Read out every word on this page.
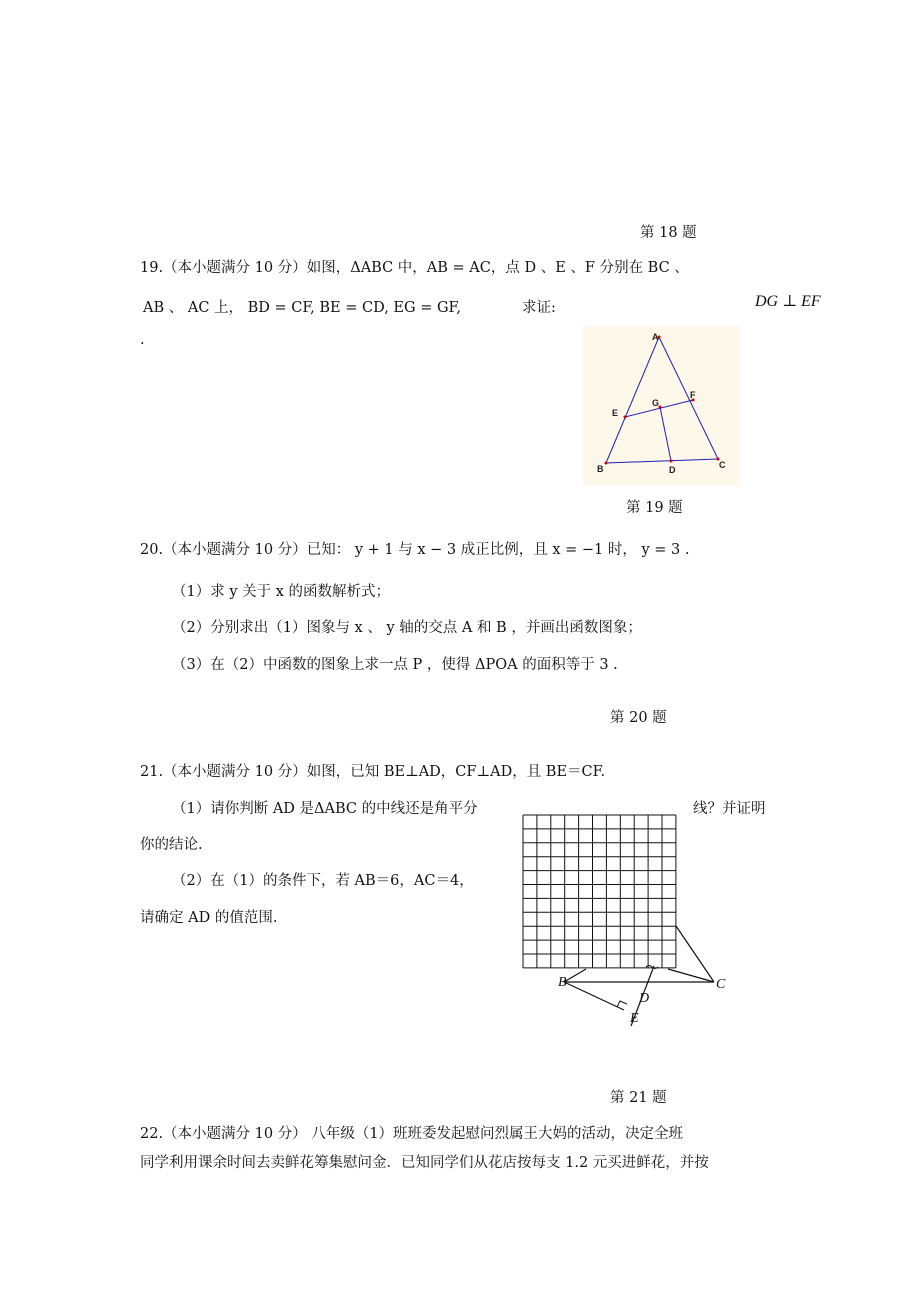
第 18 题
19.（本小题满分 10 分）如图，ΔABC 中，AB = AC，点 D 、E 、F 分别在 BC 、
AB 、 AC 上， BD = CF, BE = CD, EG = GF,	求证:	DG ⊥ EF
.	A
B	C
D
E
F
G
第 19 题
20.（本小题满分 10 分）已知： y + 1 与 x − 3 成正比例，且 x = −1 时， y = 3 .
（1）求 y 关于 x 的函数解析式；
（2）分别求出（1）图象与 x 、 y 轴的交点 A 和 B ，并画出函数图象；
（3）在（2）中函数的图象上求一点 P ，使得 ΔPOA 的面积等于 3 .
第 20 题
21.（本小题满分 10 分）如图，已知 BE⊥AD，CF⊥AD，且 BE＝CF.
（1）请你判断 AD 是ΔABC 的中线还是角平分	线？并证明
你的结论.
（2）在（1）的条件下，若 AB＝6，AC＝4，
请确定 AD 的值范围.
B	C
D
E
第 21 题
22.（本小题满分 10 分） 八年级（1）班班委发起慰问烈属王大妈的活动，决定全班
同学利用课余时间去卖鲜花筹集慰问金．已知同学们从花店按每支 1.2 元买进鲜花，并按
